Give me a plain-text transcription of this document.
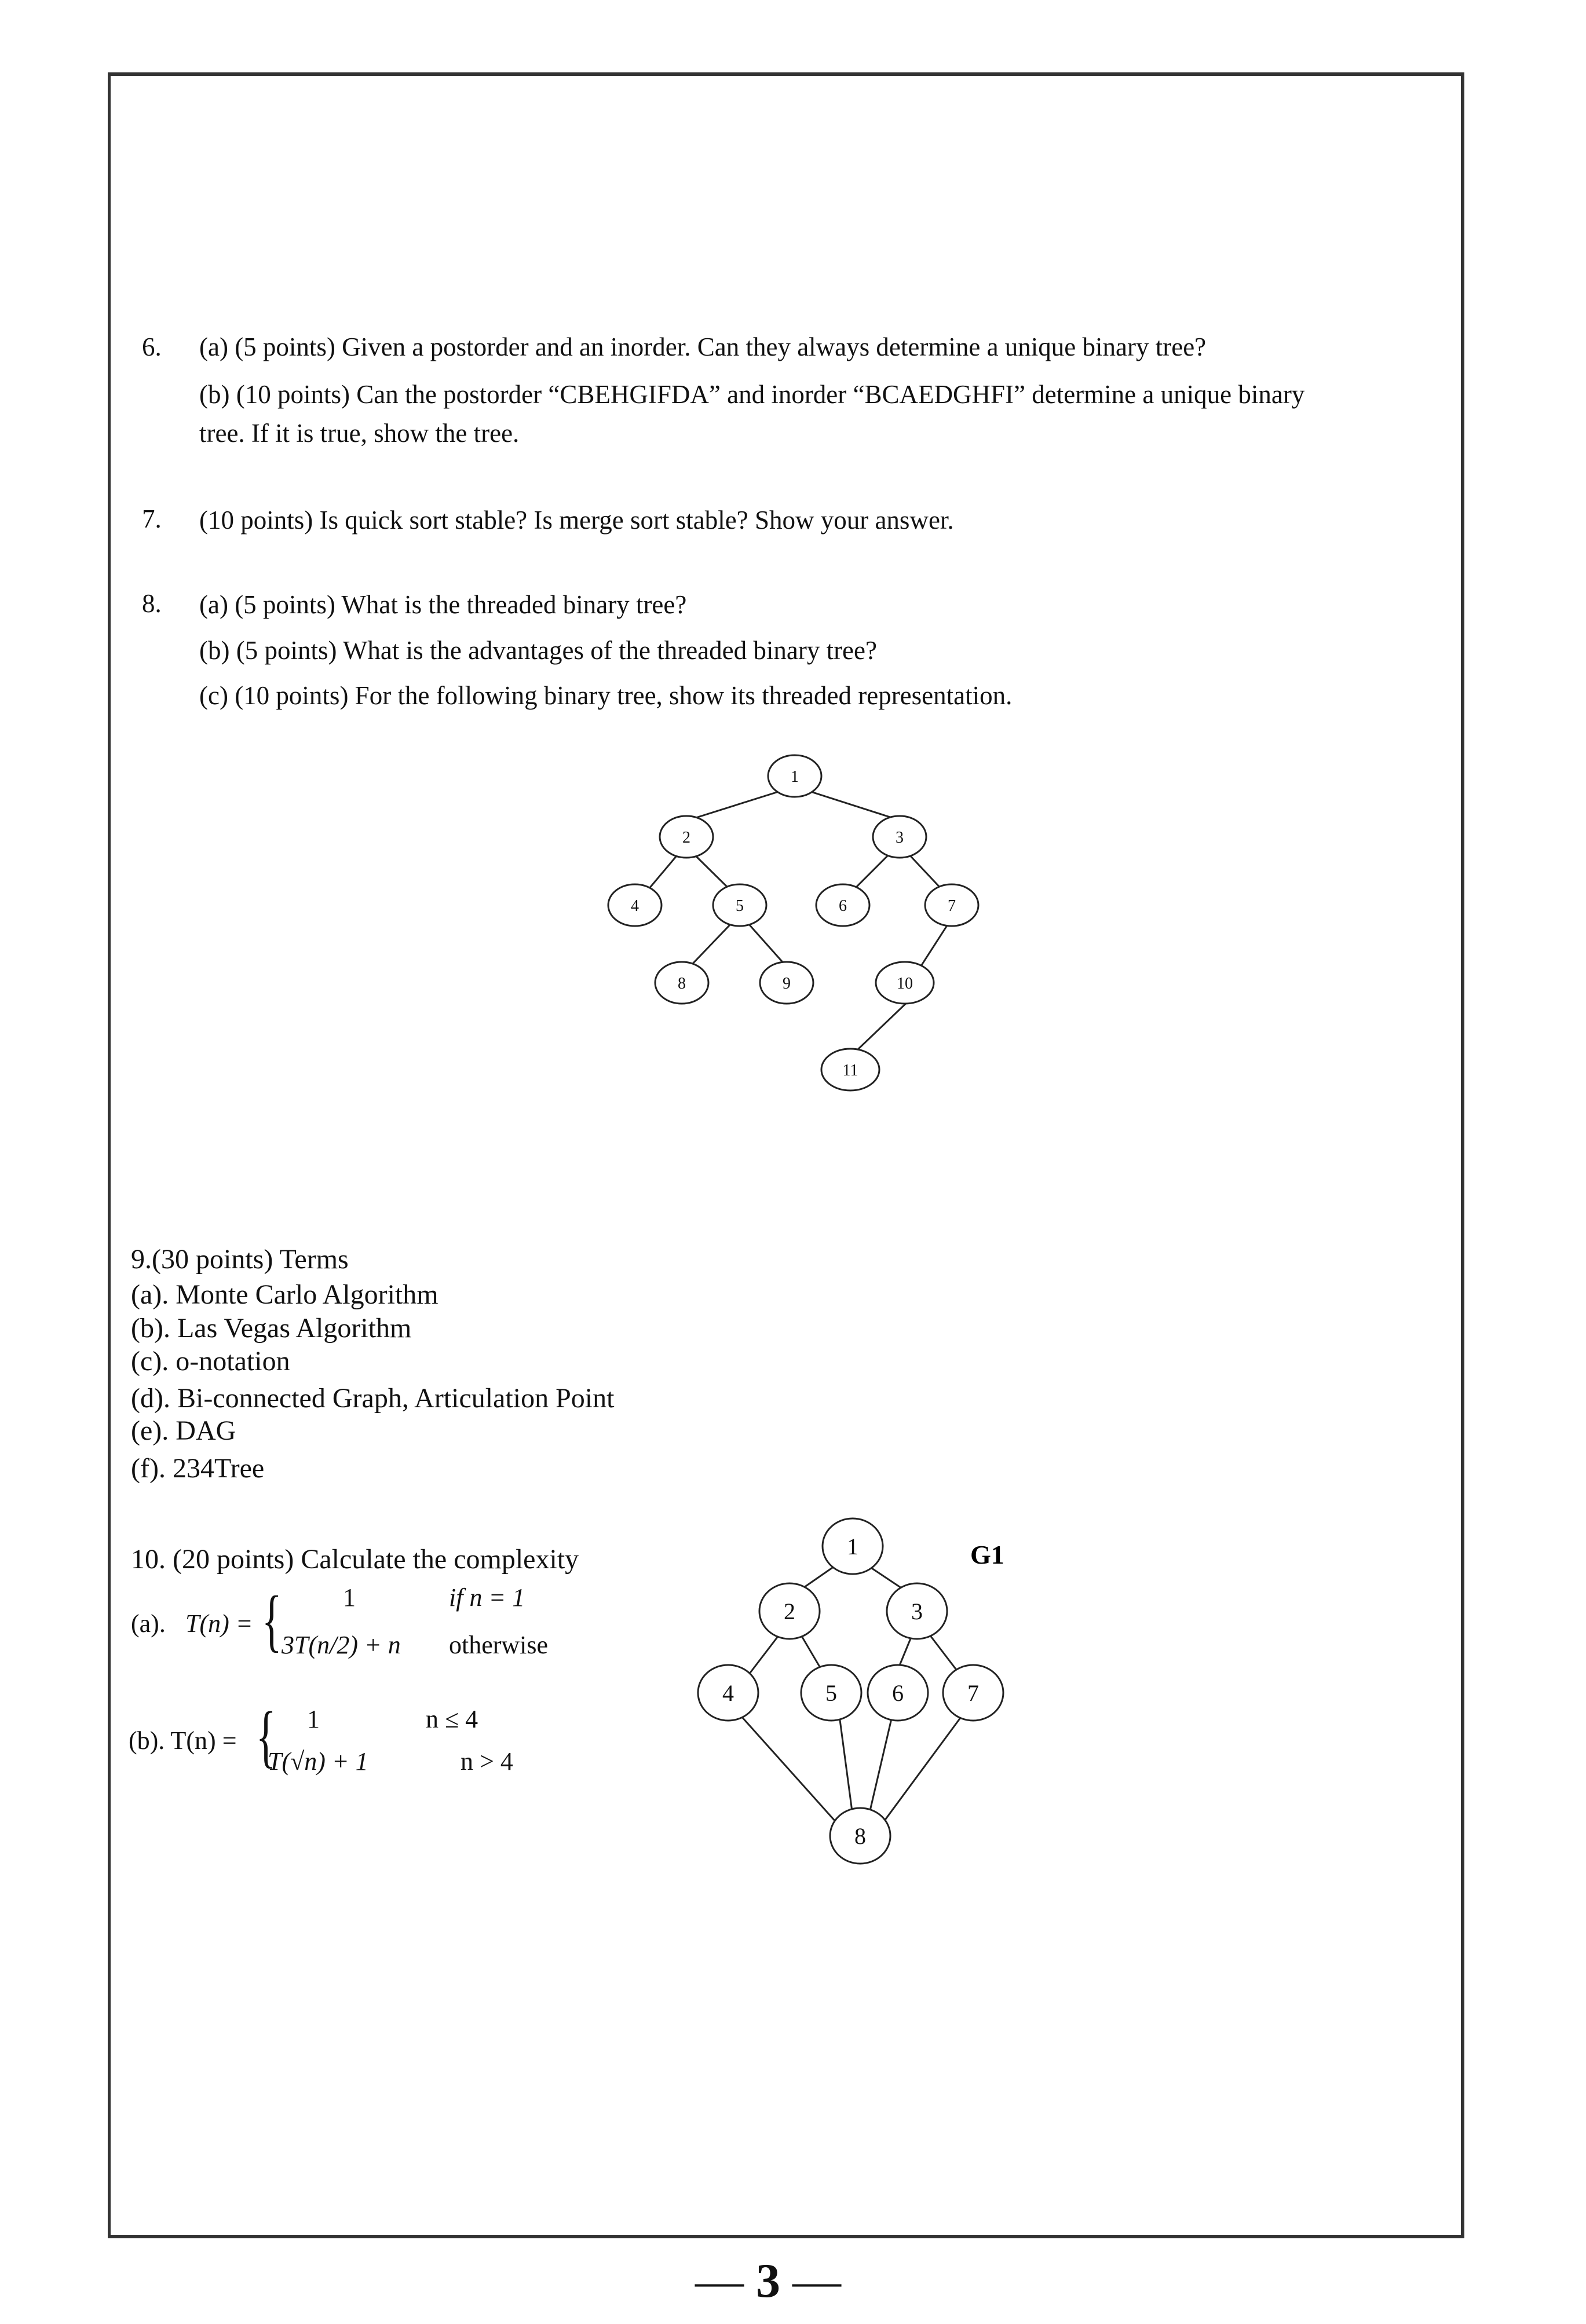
6. (a) (5 points) Given a postorder and an inorder. Can they always determine a unique binary tree?
(b) (10 points) Can the postorder “CBEHGIFDA” and inorder “BCAEDGHFI” determine a unique binary
tree. If it is true, show the tree.
7. (10 points) Is quick sort stable? Is merge sort stable? Show your answer.
8. (a) (5 points) What is the threaded binary tree?
(b) (5 points) What is the advantages of the threaded binary tree?
(c) (10 points) For the following binary tree, show its threaded representation.
1
2	3
4	5	6	7
8	9	10
11
9.(30 points) Terms
(a). Monte Carlo Algorithm
(b). Las Vegas Algorithm
(c). o-notation
(d). Bi-connected Graph, Articulation Point
(e). DAG
(f). 234Tree
10. (20 points) Calculate the complexity
(a). T(n) = { 1	if n = 1
3T(n/2) + n otherwise
(b). T(n) = { 1	n ≤ 4
T(√n) + 1	n > 4
1
2	3
4	5 6	7
8
G1
— 3 —
